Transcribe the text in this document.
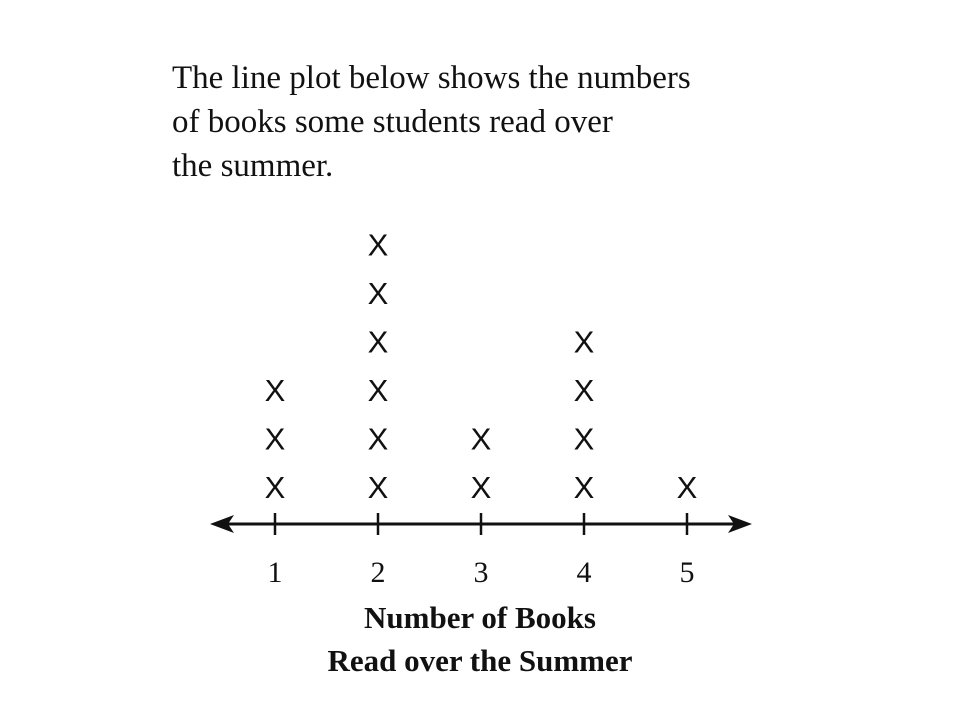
The line plot below shows the numbers
of books some students read over
the summer.
1	2	3	4	5
X
X
X
X
X
X
X
X
X
X
X
X
X
X
X
X
Number of Books
Read over the Summer
